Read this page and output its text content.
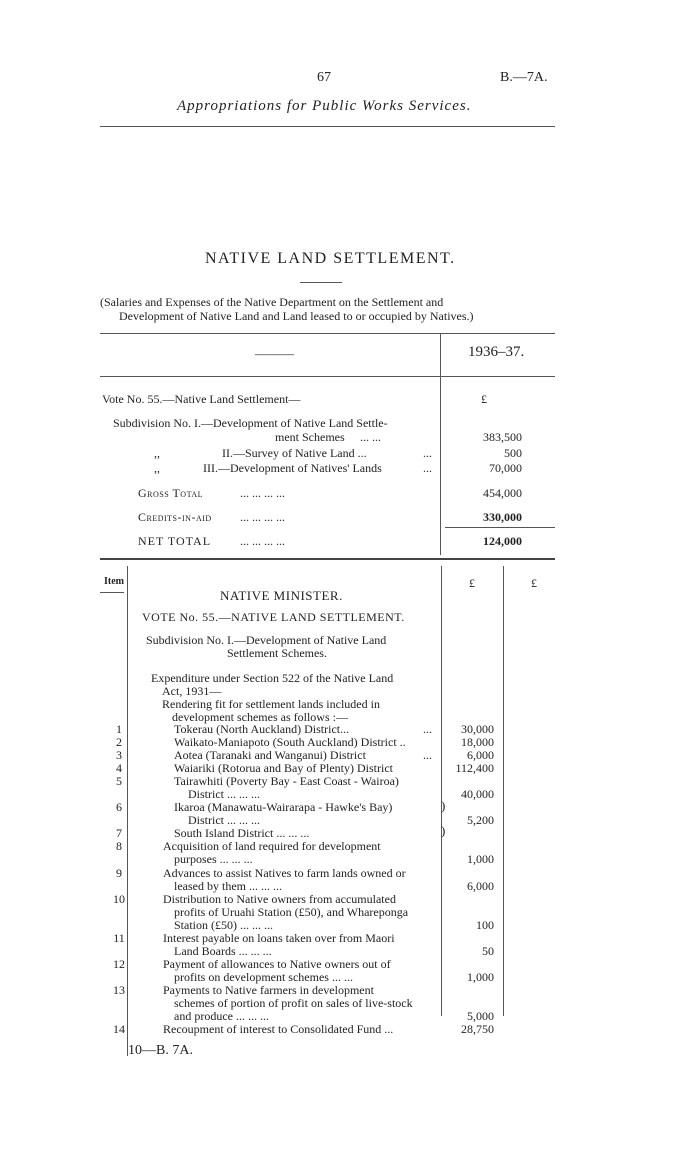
67	B.—7A.
Appropriations for Public Works Services.
NATIVE LAND SETTLEMENT.
(Salaries and Expenses of the Native Department on the Settlement and
Development of Native Land and Land leased to or occupied by Natives.)
———	1936–37.
Vote No. 55.—Native Land Settlement—	£
Subdivision No. I.—Development of Native Land Settle-
ment Schemes ... ...	383,500
,,	II.—Survey of Native Land ...	...	500
,,	III.—Development of Natives' Lands	...	70,000
Gross Total	... ... ... ...	454,000
Credits-in-aid ... ... ... ...	330,000
NET TOTAL ... ... ... ...	124,000
Item	£	£
NATIVE MINISTER.
VOTE No. 55.—NATIVE LAND SETTLEMENT.
Subdivision No. I.—Development of Native Land
Settlement Schemes.
Expenditure under Section 522 of the Native Land
Act, 1931—
Rendering fit for settlement lands included in
development schemes as follows :—
1	Tokerau (North Auckland) District...	...	30,000
2	Waikato-Maniapoto (South Auckland) District ..	18,000
3	Aotea (Taranaki and Wanganui) District	...	6,000
4	Waiariki (Rotorua and Bay of Plenty) District	112,400
5	Tairawhiti (Poverty Bay - East Coast - Wairoa)
District ... ... ...	40,000
6	Ikaroa (Manawatu-Wairarapa - Hawke's Bay)
District ... ... ...	5,200
)
)
7	South Island District ... ... ...
8	Acquisition of land required for development
purposes ... ... ...	1,000
9	Advances to assist Natives to farm lands owned or
leased by them ... ... ...	6,000
10	Distribution to Native owners from accumulated
profits of Uruahi Station (£50), and Whareponga
Station (£50) ... ... ...	100
11	Interest payable on loans taken over from Maori
Land Boards ... ... ...	50
12	Payment of allowances to Native owners out of
profits on development schemes ... ...	1,000
13	Payments to Native farmers in development
schemes of portion of profit on sales of live-stock
and produce ... ... ...	5,000
14	Recoupment of interest to Consolidated Fund ...	28,750
10—B. 7A.
